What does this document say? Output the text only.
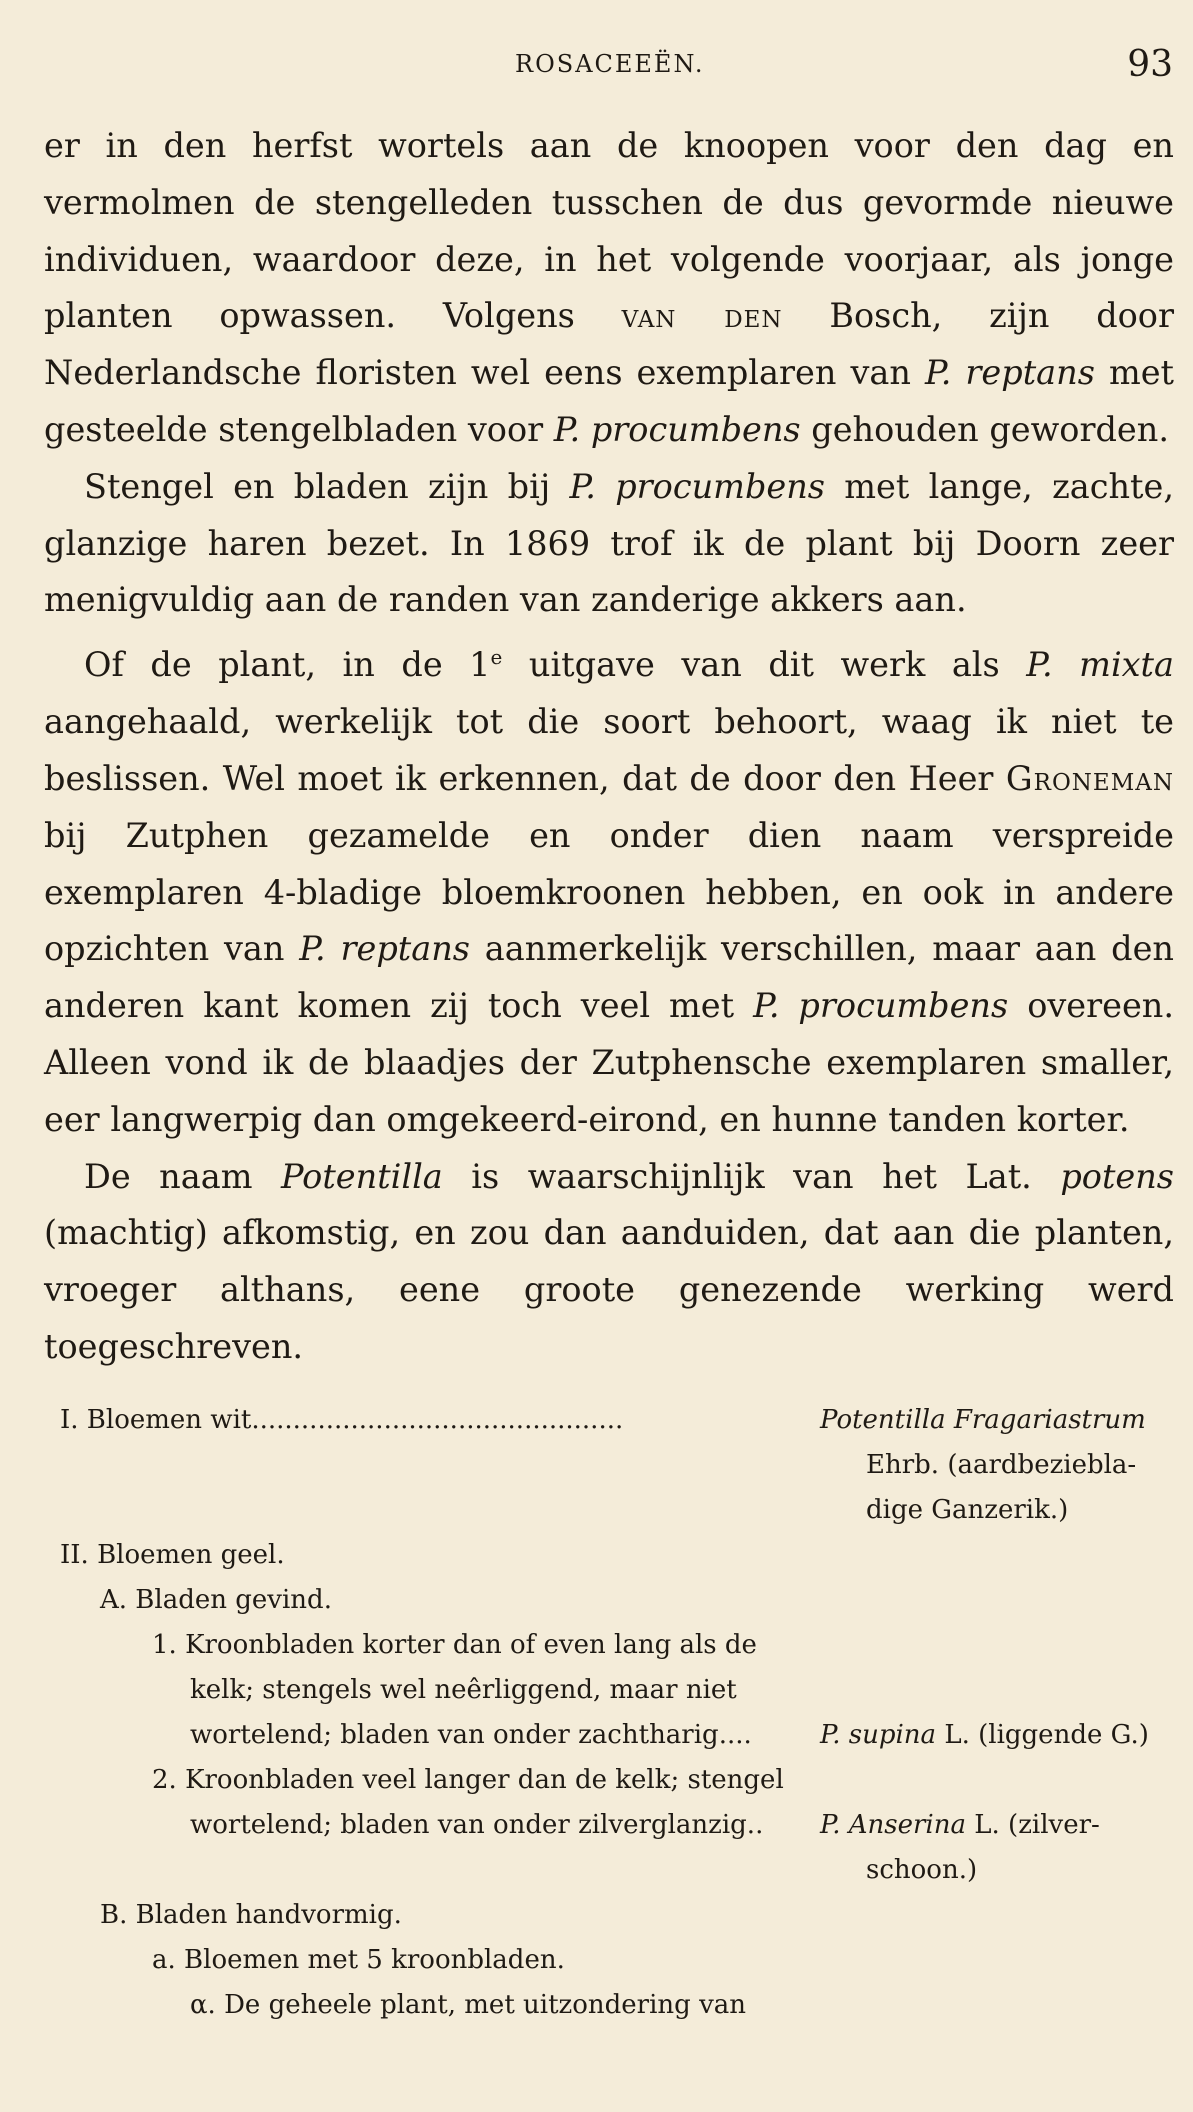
ROSACEEËN.	93

er in den herfst wortels aan de knoopen voor den dag en vermolmen de stengelleden tusschen de dus gevormde nieuwe individuen, waardoor deze, in het volgende voorjaar, als jonge planten opwassen. Volgens van den Bosch, zijn door Nederlandsche floristen wel eens exemplaren van P. reptans met gesteelde stengelbladen voor P. procumbens gehouden geworden.

Stengel en bladen zijn bij P. procumbens met lange, zachte, glanzige haren bezet. In 1869 trof ik de plant bij Doorn zeer menigvuldig aan de randen van zanderige akkers aan.

Of de plant, in de 1e uitgave van dit werk als P. mixta aangehaald, werkelijk tot die soort behoort, waag ik niet te beslissen. Wel moet ik erkennen, dat de door den Heer Groneman bij Zutphen gezamelde en onder dien naam verspreide exemplaren 4-bladige bloemkroonen hebben, en ook in andere opzichten van P. reptans aanmerkelijk verschillen, maar aan den anderen kant komen zij toch veel met P. procumbens overeen. Alleen vond ik de blaadjes der Zutphensche exemplaren smaller, eer langwerpig dan omgekeerd-eirond, en hunne tanden korter.

De naam Potentilla is waarschijnlijk van het Lat. potens (machtig) afkomstig, en zou dan aanduiden, dat aan die planten, vroeger althans, eene groote genezende werking werd toegeschreven.

I. Bloemen wit.............................................	Potentilla Fragariastrum
Ehrb. (aardbeziebla-
dige Ganzerik.)
II. Bloemen geel.
A. Bladen gevind.
1. Kroonbladen korter dan of even lang als de
kelk; stengels wel neêrliggend, maar niet
wortelend; bladen van onder zachtharig....	P. supina L. (liggende G.)
2. Kroonbladen veel langer dan de kelk; stengel
wortelend; bladen van onder zilverglanzig.. P. Anserina L. (zilver-
schoon.)
B. Bladen handvormig.
a. Bloemen met 5 kroonbladen.
α. De geheele plant, met uitzondering van
